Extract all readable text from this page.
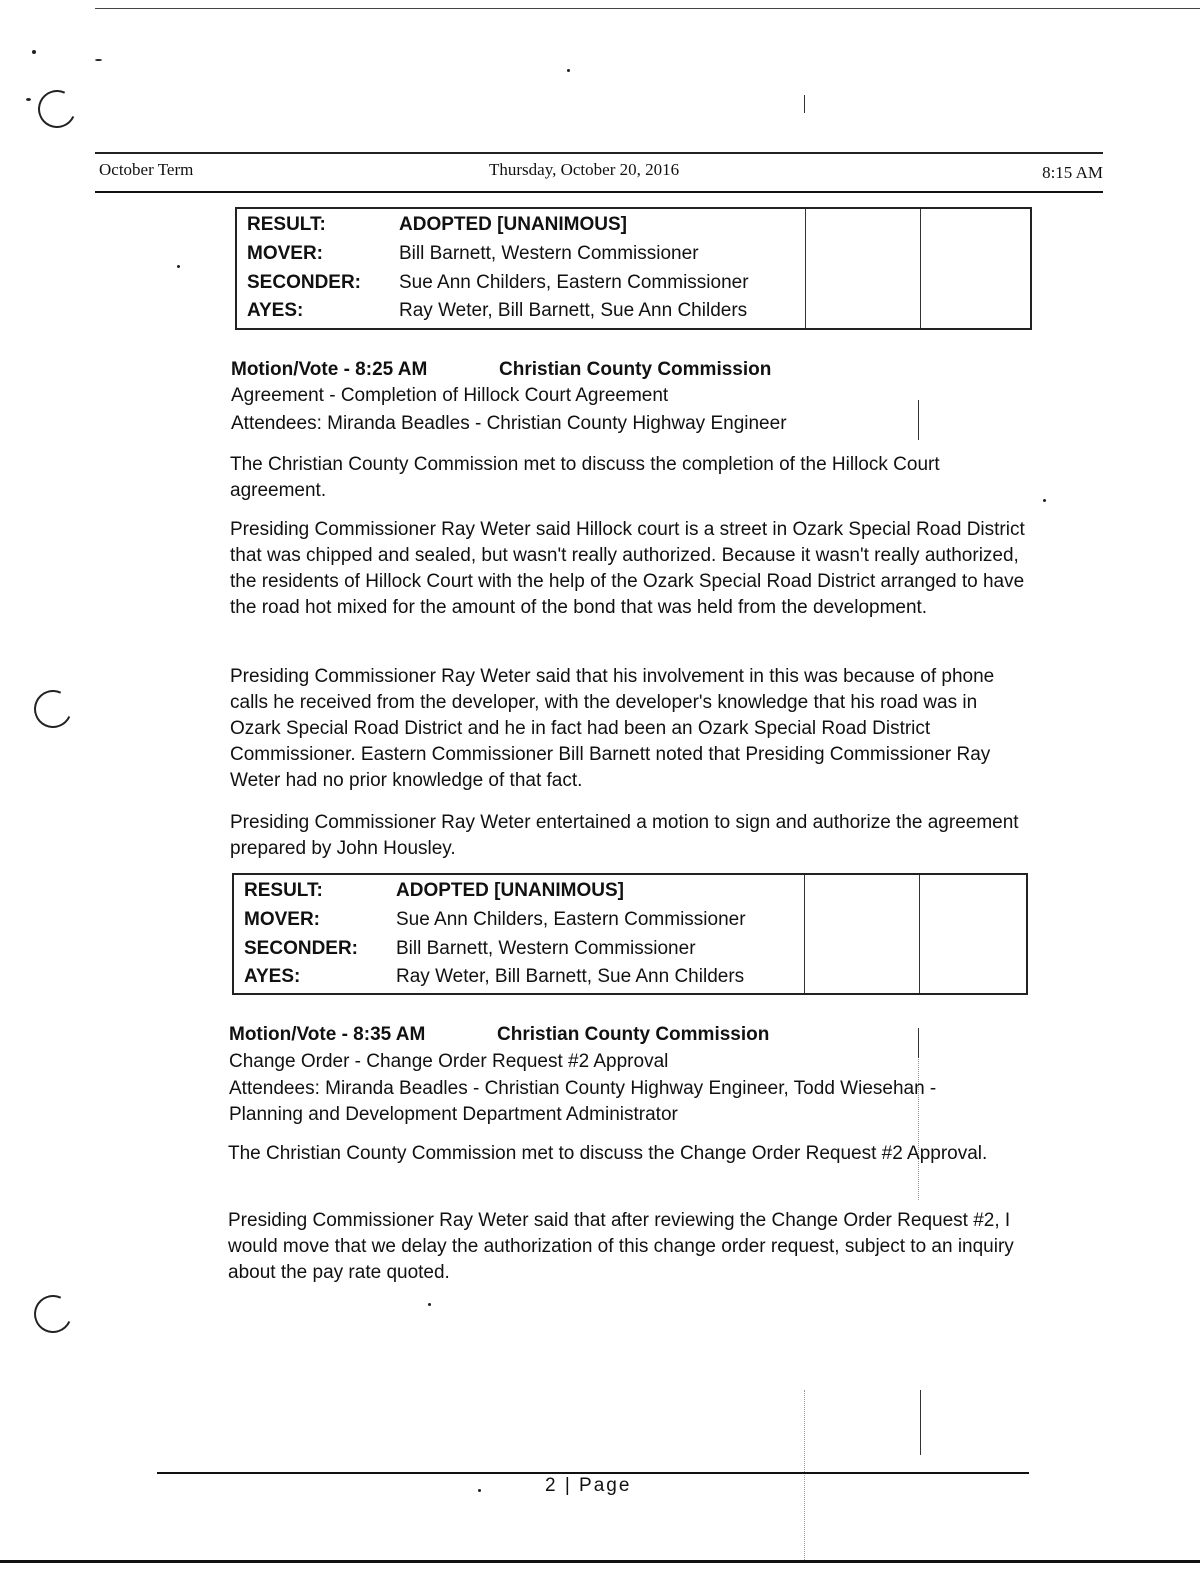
October Term	Thursday, October 20, 2016	8:15 AM
RESULT:	ADOPTED [UNANIMOUS]
MOVER:	Bill Barnett, Western Commissioner
SECONDER: Sue Ann Childers, Eastern Commissioner
AYES:	Ray Weter, Bill Barnett, Sue Ann Childers
Motion/Vote - 8:25 AM	Christian County Commission
Agreement - Completion of Hillock Court Agreement
Attendees: Miranda Beadles - Christian County Highway Engineer

The Christian County Commission met to discuss the completion of the Hillock Court agreement.

Presiding Commissioner Ray Weter said Hillock court is a street in Ozark Special Road District that was chipped and sealed, but wasn't really authorized. Because it wasn't really authorized, the residents of Hillock Court with the help of the Ozark Special Road District arranged to have the road hot mixed for the amount of the bond that was held from the development.

Presiding Commissioner Ray Weter said that his involvement in this was because of phone calls he received from the developer, with the developer's knowledge that his road was in Ozark Special Road District and he in fact had been an Ozark Special Road District Commissioner. Eastern Commissioner Bill Barnett noted that Presiding Commissioner Ray Weter had no prior knowledge of that fact.

Presiding Commissioner Ray Weter entertained a motion to sign and authorize the agreement prepared by John Housley.

RESULT:	ADOPTED [UNANIMOUS]
MOVER:	Sue Ann Childers, Eastern Commissioner
SECONDER: Bill Barnett, Western Commissioner
AYES:	Ray Weter, Bill Barnett, Sue Ann Childers
Motion/Vote - 8:35 AM	Christian County Commission
Change Order - Change Order Request #2 Approval
Attendees: Miranda Beadles - Christian County Highway Engineer, Todd Wiesehan -
Planning and Development Department Administrator

The Christian County Commission met to discuss the Change Order Request #2 Approval.

Presiding Commissioner Ray Weter said that after reviewing the Change Order Request #2, I would move that we delay the authorization of this change order request, subject to an inquiry about the pay rate quoted.

2 | Page
